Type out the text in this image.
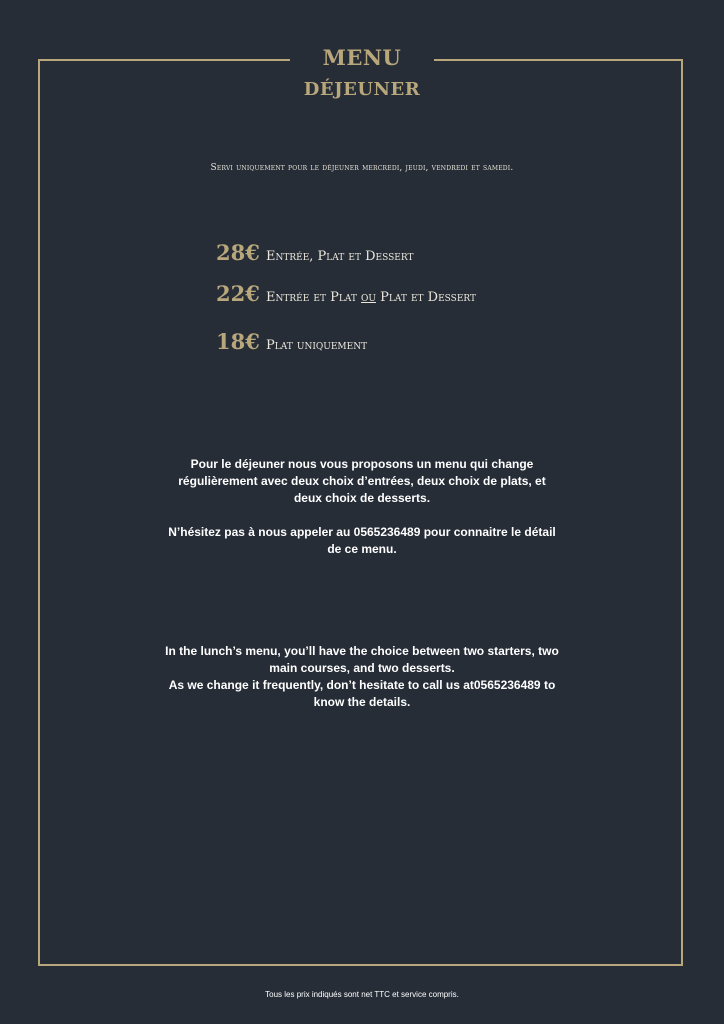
MENU
DÉJEUNER
Servi uniquement pour le déjeuner mercredi, jeudi, vendredi et samedi.
28€ Entrée, Plat et Dessert
22€ Entrée et Plat ou Plat et Dessert
18€ Plat uniquement
Pour le déjeuner nous vous proposons un menu qui change
régulièrement avec deux choix d’entrées, deux choix de plats, et
deux choix de desserts.
N’hésitez pas à nous appeler au 0565236489 pour connaitre le détail
de ce menu.
In the lunch’s menu, you’ll have the choice between two starters, two
main courses, and two desserts.
As we change it frequently, don’t hesitate to call us at0565236489 to
know the details.
Tous les prix indiqués sont net TTC et service compris.
